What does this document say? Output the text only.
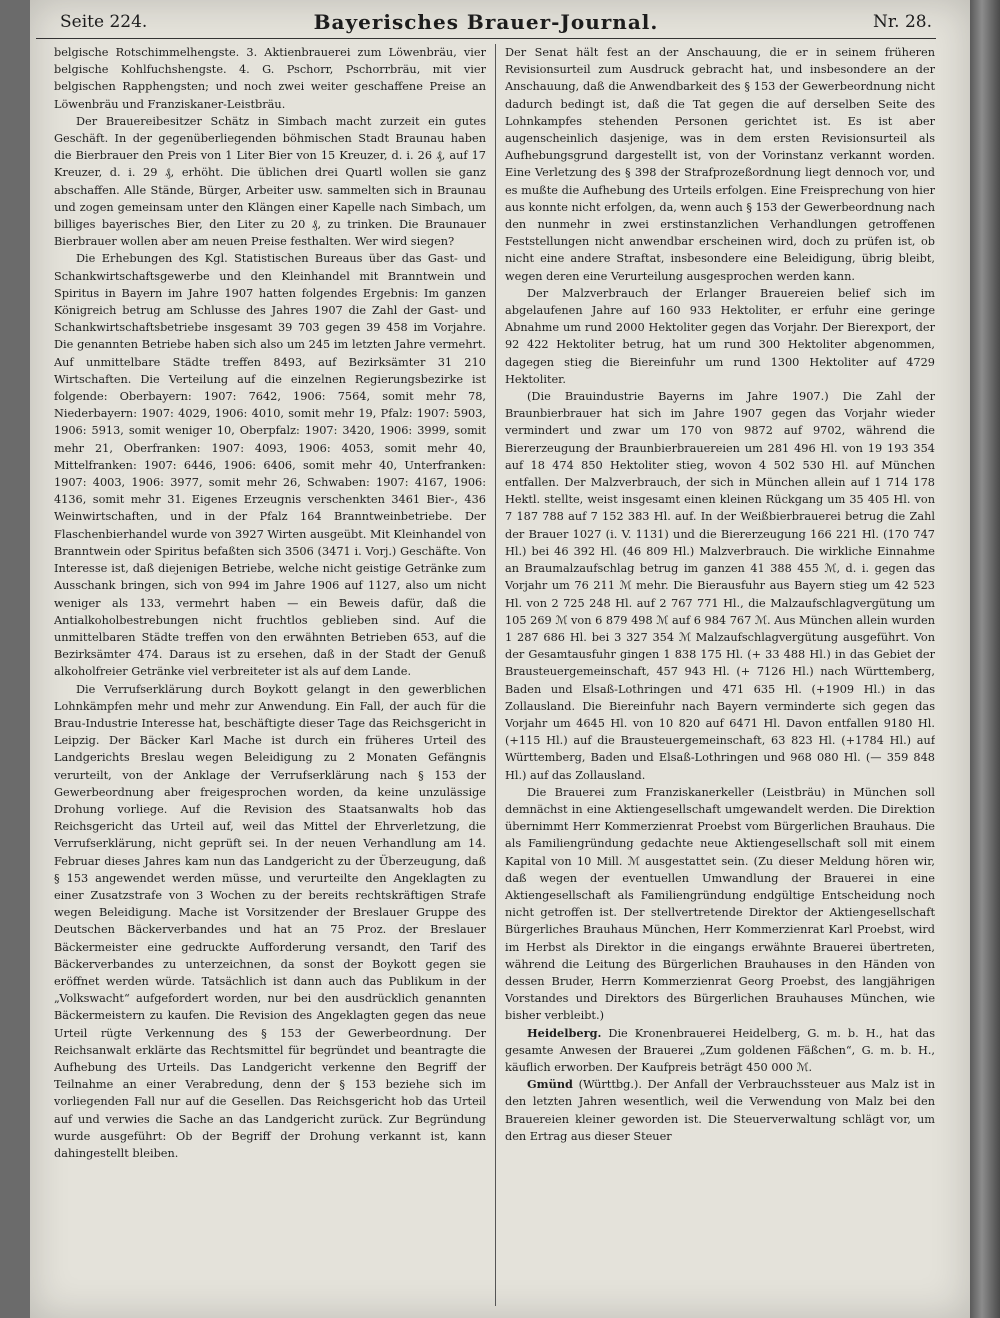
Seite 224.	Bayerisches Brauer-Journal.	Nr. 28.

belgische Rotschimmelhengste. 3. Aktienbrauerei zum Löwenbräu, vier belgische Kohlfuchshengste. 4. G. Pschorr, Pschorrbräu, mit vier belgischen Rapphengsten; und noch zwei weiter geschaffene Preise an Löwenbräu und Franziskaner-Leistbräu.

Der Brauereibesitzer Schätz in Simbach macht zurzeit ein gutes Geschäft. In der gegenüberliegenden böhmischen Stadt Braunau haben die Bierbrauer den Preis von 1 Liter Bier von 15 Kreuzer, d. i. 26 ₰, auf 17 Kreuzer, d. i. 29 ₰, erhöht. Die üblichen drei Quartl wollen sie ganz abschaffen. Alle Stände, Bürger, Arbeiter usw. sammelten sich in Braunau und zogen gemeinsam unter den Klängen einer Kapelle nach Simbach, um billiges bayerisches Bier, den Liter zu 20 ₰, zu trinken. Die Braunauer Bierbrauer wollen aber am neuen Preise festhalten. Wer wird siegen?

Die Erhebungen des Kgl. Statistischen Bureaus über das Gast- und Schankwirtschaftsgewerbe und den Kleinhandel mit Branntwein und Spiritus in Bayern im Jahre 1907 hatten folgendes Ergebnis: Im ganzen Königreich betrug am Schlusse des Jahres 1907 die Zahl der Gast- und Schankwirtschaftsbetriebe insgesamt 39 703 gegen 39 458 im Vorjahre. Die genannten Betriebe haben sich also um 245 im letzten Jahre vermehrt. Auf unmittelbare Städte treffen 8493, auf Bezirksämter 31 210 Wirtschaften. Die Verteilung auf die einzelnen Regierungsbezirke ist folgende: Oberbayern: 1907: 7642, 1906: 7564, somit mehr 78, Niederbayern: 1907: 4029, 1906: 4010, somit mehr 19, Pfalz: 1907: 5903, 1906: 5913, somit weniger 10, Oberpfalz: 1907: 3420, 1906: 3999, somit mehr 21, Oberfranken: 1907: 4093, 1906: 4053, somit mehr 40, Mittelfranken: 1907: 6446, 1906: 6406, somit mehr 40, Unterfranken: 1907: 4003, 1906: 3977, somit mehr 26, Schwaben: 1907: 4167, 1906: 4136, somit mehr 31. Eigenes Erzeugnis verschenkten 3461 Bier-, 436 Weinwirtschaften, und in der Pfalz 164 Branntweinbetriebe. Der Flaschenbierhandel wurde von 3927 Wirten ausgeübt. Mit Kleinhandel von Branntwein oder Spiritus befaßten sich 3506 (3471 i. Vorj.) Geschäfte. Von Interesse ist, daß diejenigen Betriebe, welche nicht geistige Getränke zum Ausschank bringen, sich von 994 im Jahre 1906 auf 1127, also um nicht weniger als 133, vermehrt haben — ein Beweis dafür, daß die Antialkoholbestrebungen nicht fruchtlos geblieben sind. Auf die unmittelbaren Städte treffen von den erwähnten Betrieben 653, auf die Bezirksämter 474. Daraus ist zu ersehen, daß in der Stadt der Genuß alkoholfreier Getränke viel verbreiteter ist als auf dem Lande.

Die Verrufserklärung durch Boykott gelangt in den gewerblichen Lohnkämpfen mehr und mehr zur Anwendung. Ein Fall, der auch für die Brau-Industrie Interesse hat, beschäftigte dieser Tage das Reichsgericht in Leipzig. Der Bäcker Karl Mache ist durch ein früheres Urteil des Landgerichts Breslau wegen Beleidigung zu 2 Monaten Gefängnis verurteilt, von der Anklage der Verrufserklärung nach § 153 der Gewerbeordnung aber freigesprochen worden, da keine unzulässige Drohung vorliege. Auf die Revision des Staatsanwalts hob das Reichsgericht das Urteil auf, weil das Mittel der Ehrverletzung, die Verrufserklärung, nicht geprüft sei. In der neuen Verhandlung am 14. Februar dieses Jahres kam nun das Landgericht zu der Überzeugung, daß § 153 angewendet werden müsse, und verurteilte den Angeklagten zu einer Zusatzstrafe von 3 Wochen zu der bereits rechtskräftigen Strafe wegen Beleidigung. Mache ist Vorsitzender der Breslauer Gruppe des Deutschen Bäckerverbandes und hat an 75 Proz. der Breslauer Bäckermeister eine gedruckte Aufforderung versandt, den Tarif des Bäckerverbandes zu unterzeichnen, da sonst der Boykott gegen sie eröffnet werden würde. Tatsächlich ist dann auch das Publikum in der „Volkswacht“ aufgefordert worden, nur bei den ausdrücklich genannten Bäckermeistern zu kaufen. Die Revision des Angeklagten gegen das neue Urteil rügte Verkennung des § 153 der Gewerbeordnung. Der Reichsanwalt erklärte das Rechtsmittel für begründet und beantragte die Aufhebung des Urteils. Das Landgericht verkenne den Begriff der Teilnahme an einer Verabredung, denn der § 153 beziehe sich im vorliegenden Fall nur auf die Gesellen. Das Reichsgericht hob das Urteil auf und verwies die Sache an das Landgericht zurück. Zur Begründung wurde ausgeführt: Ob der Begriff der Drohung verkannt ist, kann dahingestellt bleiben.

Der Senat hält fest an der Anschauung, die er in seinem früheren Revisionsurteil zum Ausdruck gebracht hat, und insbesondere an der Anschauung, daß die Anwendbarkeit des § 153 der Gewerbeordnung nicht dadurch bedingt ist, daß die Tat gegen die auf derselben Seite des Lohnkampfes stehenden Personen gerichtet ist. Es ist aber augenscheinlich dasjenige, was in dem ersten Revisionsurteil als Aufhebungsgrund dargestellt ist, von der Vorinstanz verkannt worden. Eine Verletzung des § 398 der Strafprozeßordnung liegt dennoch vor, und es mußte die Aufhebung des Urteils erfolgen. Eine Freisprechung von hier aus konnte nicht erfolgen, da, wenn auch § 153 der Gewerbeordnung nach den nunmehr in zwei erstinstanzlichen Verhandlungen getroffenen Feststellungen nicht anwendbar erscheinen wird, doch zu prüfen ist, ob nicht eine andere Straftat, insbesondere eine Beleidigung, übrig bleibt, wegen deren eine Verurteilung ausgesprochen werden kann.

Der Malzverbrauch der Erlanger Brauereien belief sich im abgelaufenen Jahre auf 160 933 Hektoliter, er erfuhr eine geringe Abnahme um rund 2000 Hektoliter gegen das Vorjahr. Der Bierexport, der 92 422 Hektoliter betrug, hat um rund 300 Hektoliter abgenommen, dagegen stieg die Biereinfuhr um rund 1300 Hektoliter auf 4729 Hektoliter.

(Die Brauindustrie Bayerns im Jahre 1907.) Die Zahl der Braunbierbrauer hat sich im Jahre 1907 gegen das Vorjahr wieder vermindert und zwar um 170 von 9872 auf 9702, während die Biererzeugung der Braunbierbrauereien um 281 496 Hl. von 19 193 354 auf 18 474 850 Hektoliter stieg, wovon 4 502 530 Hl. auf München entfallen. Der Malzverbrauch, der sich in München allein auf 1 714 178 Hektl. stellte, weist insgesamt einen kleinen Rückgang um 35 405 Hl. von 7 187 788 auf 7 152 383 Hl. auf. In der Weißbierbrauerei betrug die Zahl der Brauer 1027 (i. V. 1131) und die Biererzeugung 166 221 Hl. (170 747 Hl.) bei 46 392 Hl. (46 809 Hl.) Malzverbrauch. Die wirkliche Einnahme an Braumalzaufschlag betrug im ganzen 41 388 455 ℳ, d. i. gegen das Vorjahr um 76 211 ℳ mehr. Die Bierausfuhr aus Bayern stieg um 42 523 Hl. von 2 725 248 Hl. auf 2 767 771 Hl., die Malzaufschlagvergütung um 105 269 ℳ von 6 879 498 ℳ auf 6 984 767 ℳ. Aus München allein wurden 1 287 686 Hl. bei 3 327 354 ℳ Malzaufschlagvergütung ausgeführt. Von der Gesamtausfuhr gingen 1 838 175 Hl. (+ 33 488 Hl.) in das Gebiet der Brausteuergemeinschaft, 457 943 Hl. (+ 7126 Hl.) nach Württemberg, Baden und Elsaß-Lothringen und 471 635 Hl. (+1909 Hl.) in das Zollausland. Die Biereinfuhr nach Bayern verminderte sich gegen das Vorjahr um 4645 Hl. von 10 820 auf 6471 Hl. Davon entfallen 9180 Hl. (+115 Hl.) auf die Brausteuergemeinschaft, 63 823 Hl. (+1784 Hl.) auf Württemberg, Baden und Elsaß-Lothringen und 968 080 Hl. (— 359 848 Hl.) auf das Zollausland.

Die Brauerei zum Franziskanerkeller (Leistbräu) in München soll demnächst in eine Aktiengesellschaft umgewandelt werden. Die Direktion übernimmt Herr Kommerzienrat Proebst vom Bürgerlichen Brauhaus. Die als Familiengründung gedachte neue Aktiengesellschaft soll mit einem Kapital von 10 Mill. ℳ ausgestattet sein. (Zu dieser Meldung hören wir, daß wegen der eventuellen Umwandlung der Brauerei in eine Aktiengesellschaft als Familiengründung endgültige Entscheidung noch nicht getroffen ist. Der stellvertretende Direktor der Aktiengesellschaft Bürgerliches Brauhaus München, Herr Kommerzienrat Karl Proebst, wird im Herbst als Direktor in die eingangs erwähnte Brauerei übertreten, während die Leitung des Bürgerlichen Brauhauses in den Händen von dessen Bruder, Herrn Kommerzienrat Georg Proebst, des langjährigen Vorstandes und Direktors des Bürgerlichen Brauhauses München, wie bisher verbleibt.)

Heidelberg. Die Kronenbrauerei Heidelberg, G. m. b. H., hat das gesamte Anwesen der Brauerei „Zum goldenen Fäßchen“, G. m. b. H., käuflich erworben. Der Kaufpreis beträgt 450 000 ℳ.

Gmünd (Württbg.). Der Anfall der Verbrauchssteuer aus Malz ist in den letzten Jahren wesentlich, weil die Verwendung von Malz bei den Brauereien kleiner geworden ist. Die Steuerverwaltung schlägt vor, um den Ertrag aus dieser Steuer
